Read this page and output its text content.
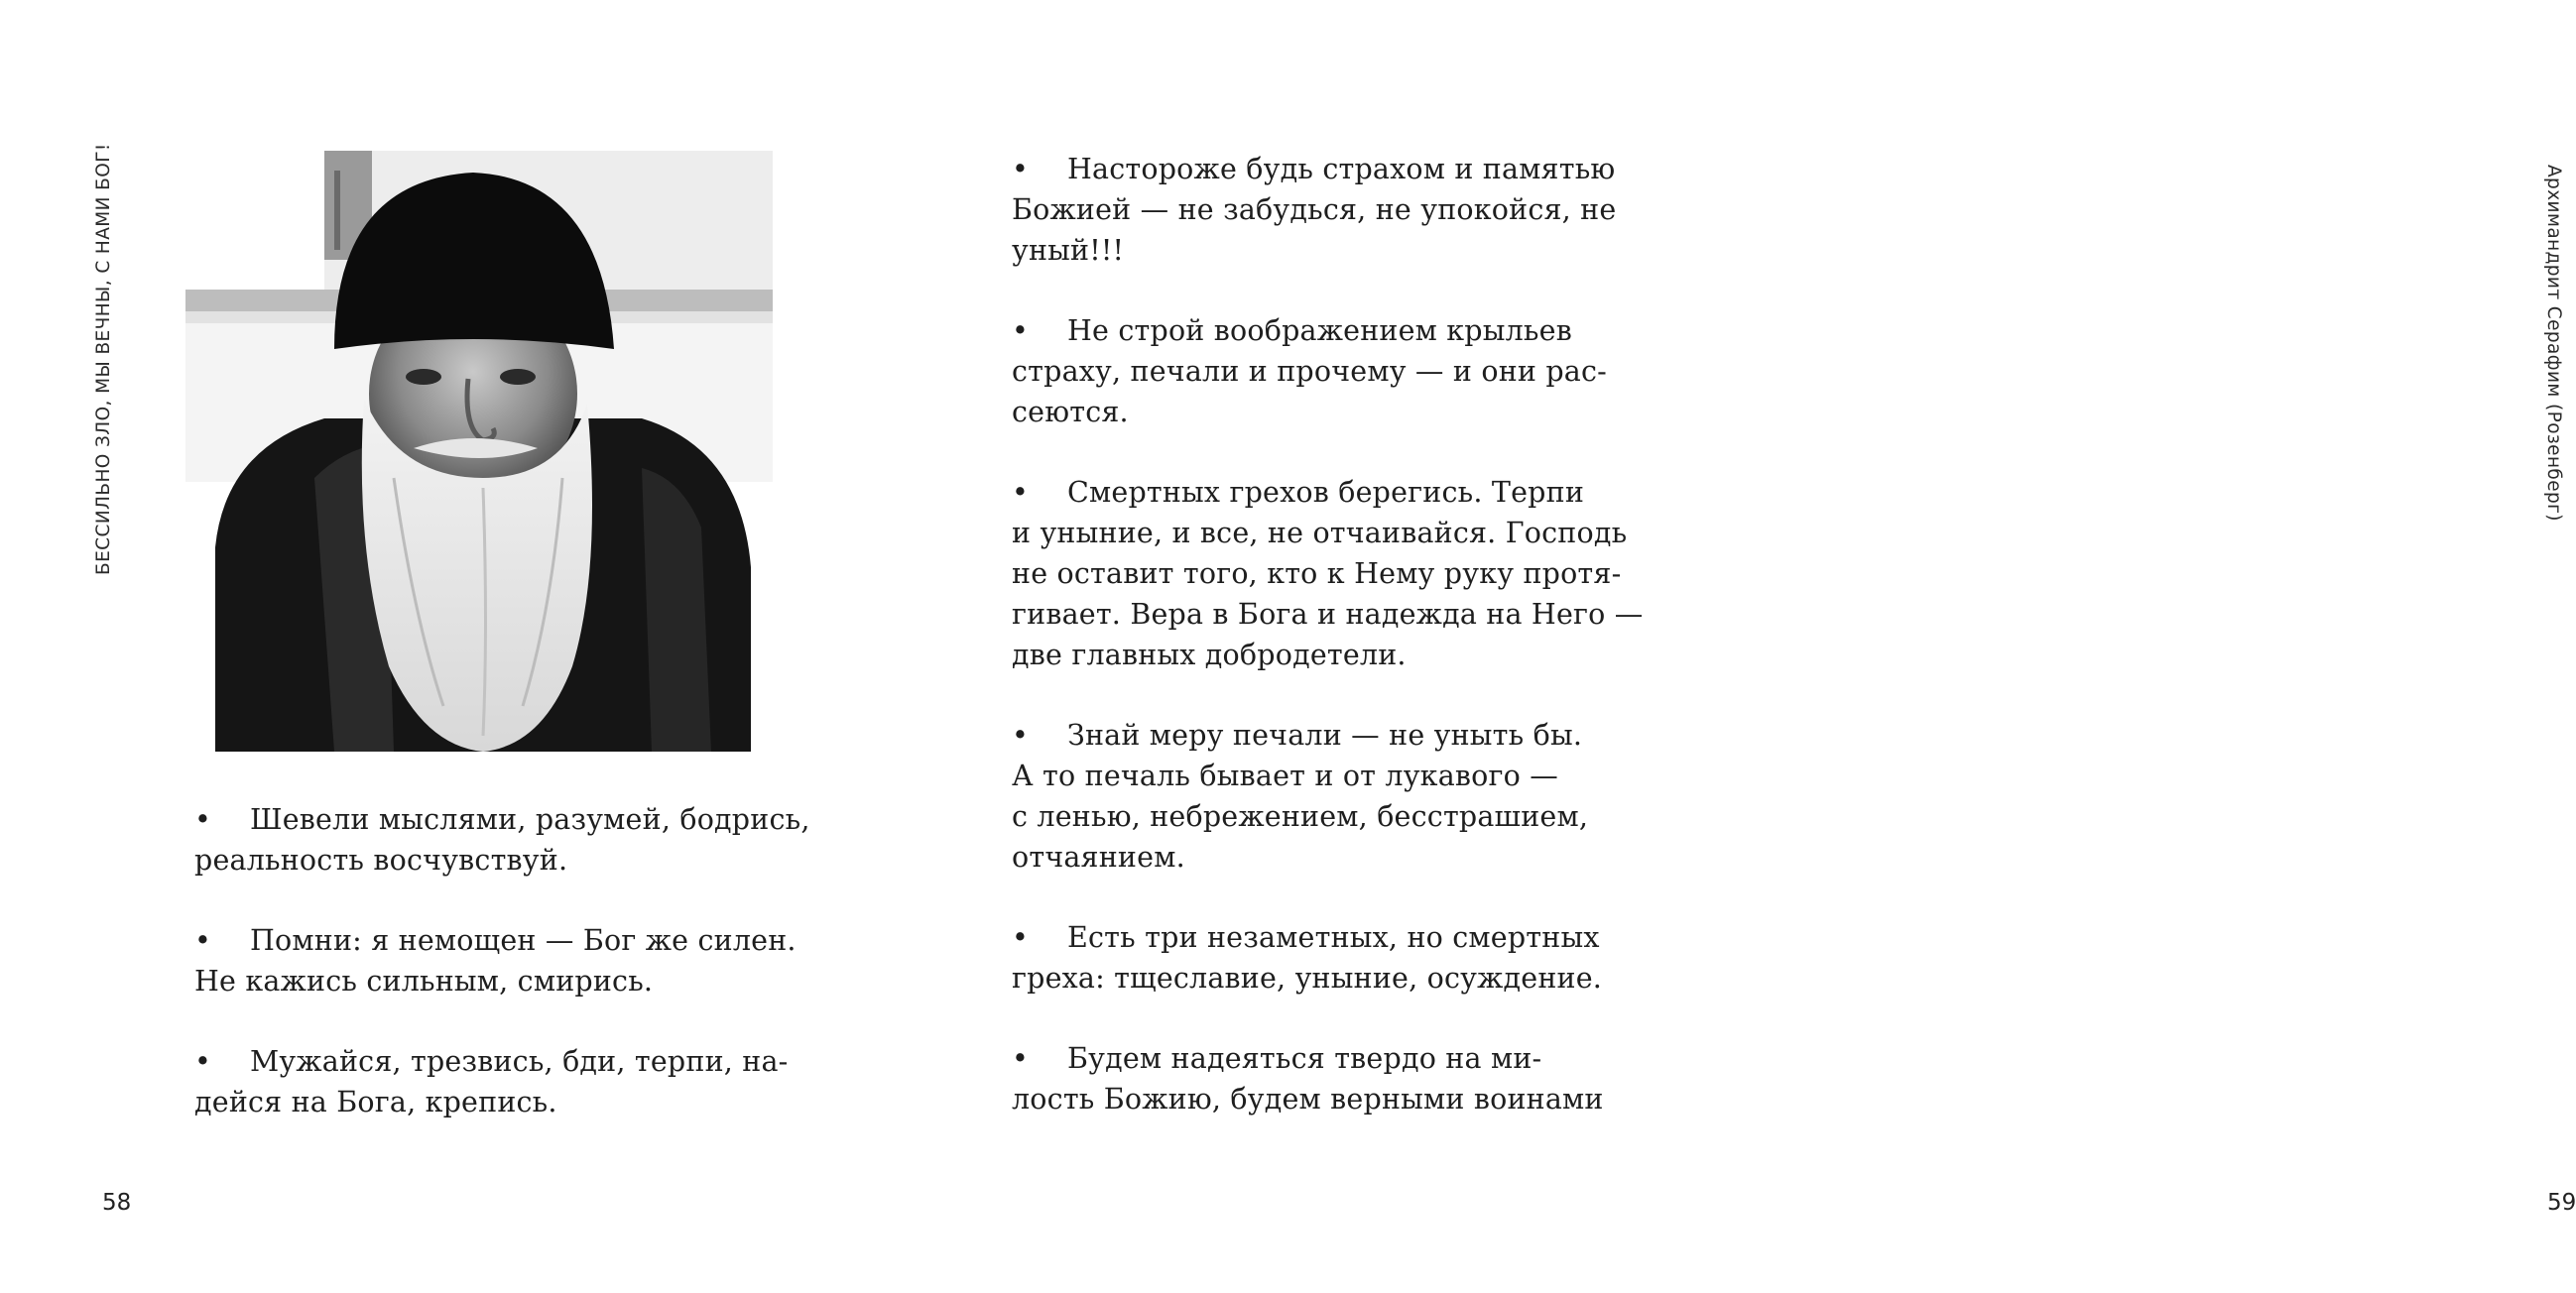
БЕССИЛЬНО ЗЛО, МЫ ВЕЧНЫ, С НАМИ БОГ!

• Шевели мыслями, разумей, бодрись,
реальность восчувствуй.

• Помни: я немощен — Бог же силен.
Не кажись сильным, смирись.

• Мужайся, трезвись, бди, терпи, на-
дейся на Бога, крепись.

58
Архимандрит Серафим (Розенберг)
59

• Настороже будь страхом и памятью
Божией — не забудься, не упокойся, не
уный!!!

• Не строй воображением крыльев
страху, печали и прочему — и они рас-
сеются.

• Смертных грехов берегись. Терпи
и уныние, и все, не отчаивайся. Господь
не оставит того, кто к Нему руку протя-
гивает. Вера в Бога и надежда на Него —
две главных добродетели.

• Знай меру печали — не уныть бы.
А то печаль бывает и от лукавого —
с ленью, небрежением, бесстрашием,
отчаянием.

• Есть три незаметных, но смертных
греха: тщеславие, уныние, осуждение.

• Будем надеяться твердо на ми-
лость Божию, будем верными воинами
